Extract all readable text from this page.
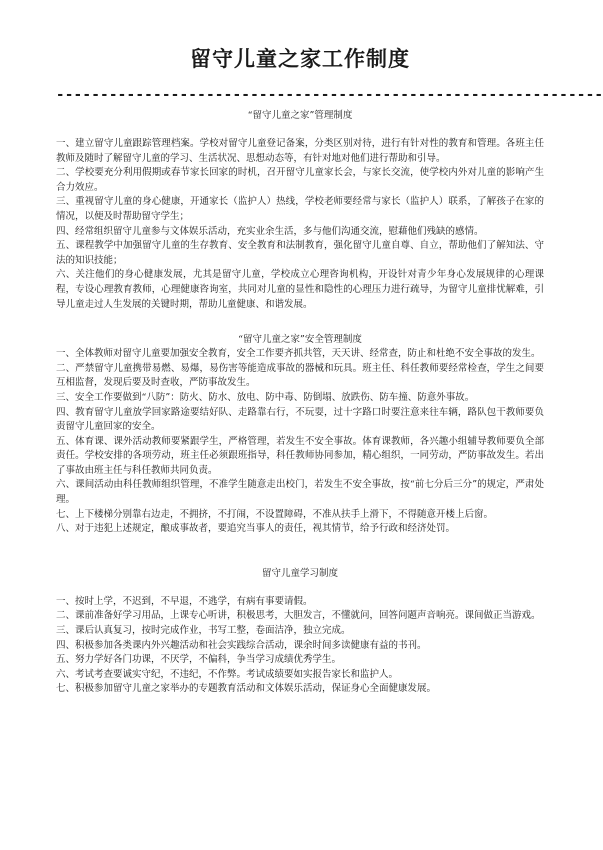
留守儿童之家工作制度
--------------------------------------------------------------

“留守儿童之家”管理制度

一、建立留守儿童跟踪管理档案。学校对留守儿童登记备案，分类区别对待，进行有针对性的教育和管理。各班主任教师及随时了解留守儿童的学习、生活状况、思想动态等，有针对地对他们进行帮助和引导。

二、学校要充分利用假期或春节家长回家的时机，召开留守儿童家长会，与家长交流，使学校内外对儿童的影响产生合力效应。

三、重视留守儿童的身心健康，开通家长（监护人）热线，学校老师要经常与家长（监护人）联系，了解孩子在家的情况，以便及时帮助留守学生；

四、经常组织留守儿童参与文体娱乐活动，充实业余生活，多与他们沟通交流，慰藉他们残缺的感情。

五、课程教学中加强留守儿童的生存教育、安全教育和法制教育，强化留守儿童自尊、自立，帮助他们了解知法、守法的知识技能；

六、关注他们的身心健康发展，尤其是留守儿童，学校成立心理咨询机构，开设针对青少年身心发展规律的心理课程，专设心理教育教师，心理健康咨询室，共同对儿童的显性和隐性的心理压力进行疏导，为留守儿童排忧解难，引导儿童走过人生发展的关键时期，帮助儿童健康、和谐发展。

“留守儿童之家”安全管理制度

一、全体教师对留守儿童要加强安全教育，安全工作要齐抓共管，天天讲、经常查，防止和杜绝不安全事故的发生。

二、严禁留守儿童携带易燃、易爆，易伤害等能造成事故的器械和玩具。班主任、科任教师要经常检查，学生之间要互相监督，发现后要及时查收，严防事故发生。

三、安全工作要做到“八防”：防火、防水、放电、防中毒、防倒塌、放跌伤、防车撞、防意外事故。

四、教育留守儿童放学回家路途要结好队、走路靠右行，不玩耍，过十字路口时要注意来往车辆，路队包干教师要负责留守儿童回家的安全。

五、体育课、课外活动教师要紧跟学生，严格管理，若发生不安全事故。体育课教师，各兴趣小组辅导教师要负全部责任。学校安排的各项劳动，班主任必须跟班指导，科任教师协同参加，精心组织，一同劳动，严防事故发生。若出了事故由班主任与科任教师共同负责。

六、课间活动由科任教师组织管理，不准学生随意走出校门，若发生不安全事故，按“前七分后三分”的规定，严肃处理。

七、上下楼梯分别靠右边走，不拥挤，不打闹，不设置障碍，不准从扶手上滑下，不得随意开楼上后窗。

八、对于违犯上述规定，酿成事故者，要追究当事人的责任，视其情节，给予行政和经济处罚。

留守儿童学习制度

一、按时上学，不迟到，不早退，不逃学，有病有事要请假。

二、课前准备好学习用品，上课专心听讲，积极思考，大胆发言，不懂就问，回答问题声音响亮。课间做正当游戏。

三、课后认真复习，按时完成作业，书写工整，卷面洁净，独立完成。

四、积极参加各类课内外兴趣活动和社会实践综合活动，课余时间多读健康有益的书刊。

五、努力学好各门功课，不厌学，不偏科，争当学习成绩优秀学生。

六、考试考查要诚实守纪，不违纪，不作弊。考试成绩要如实报告家长和监护人。

七、积极参加留守儿童之家举办的专题教育活动和文体娱乐活动，保证身心全面健康发展。
